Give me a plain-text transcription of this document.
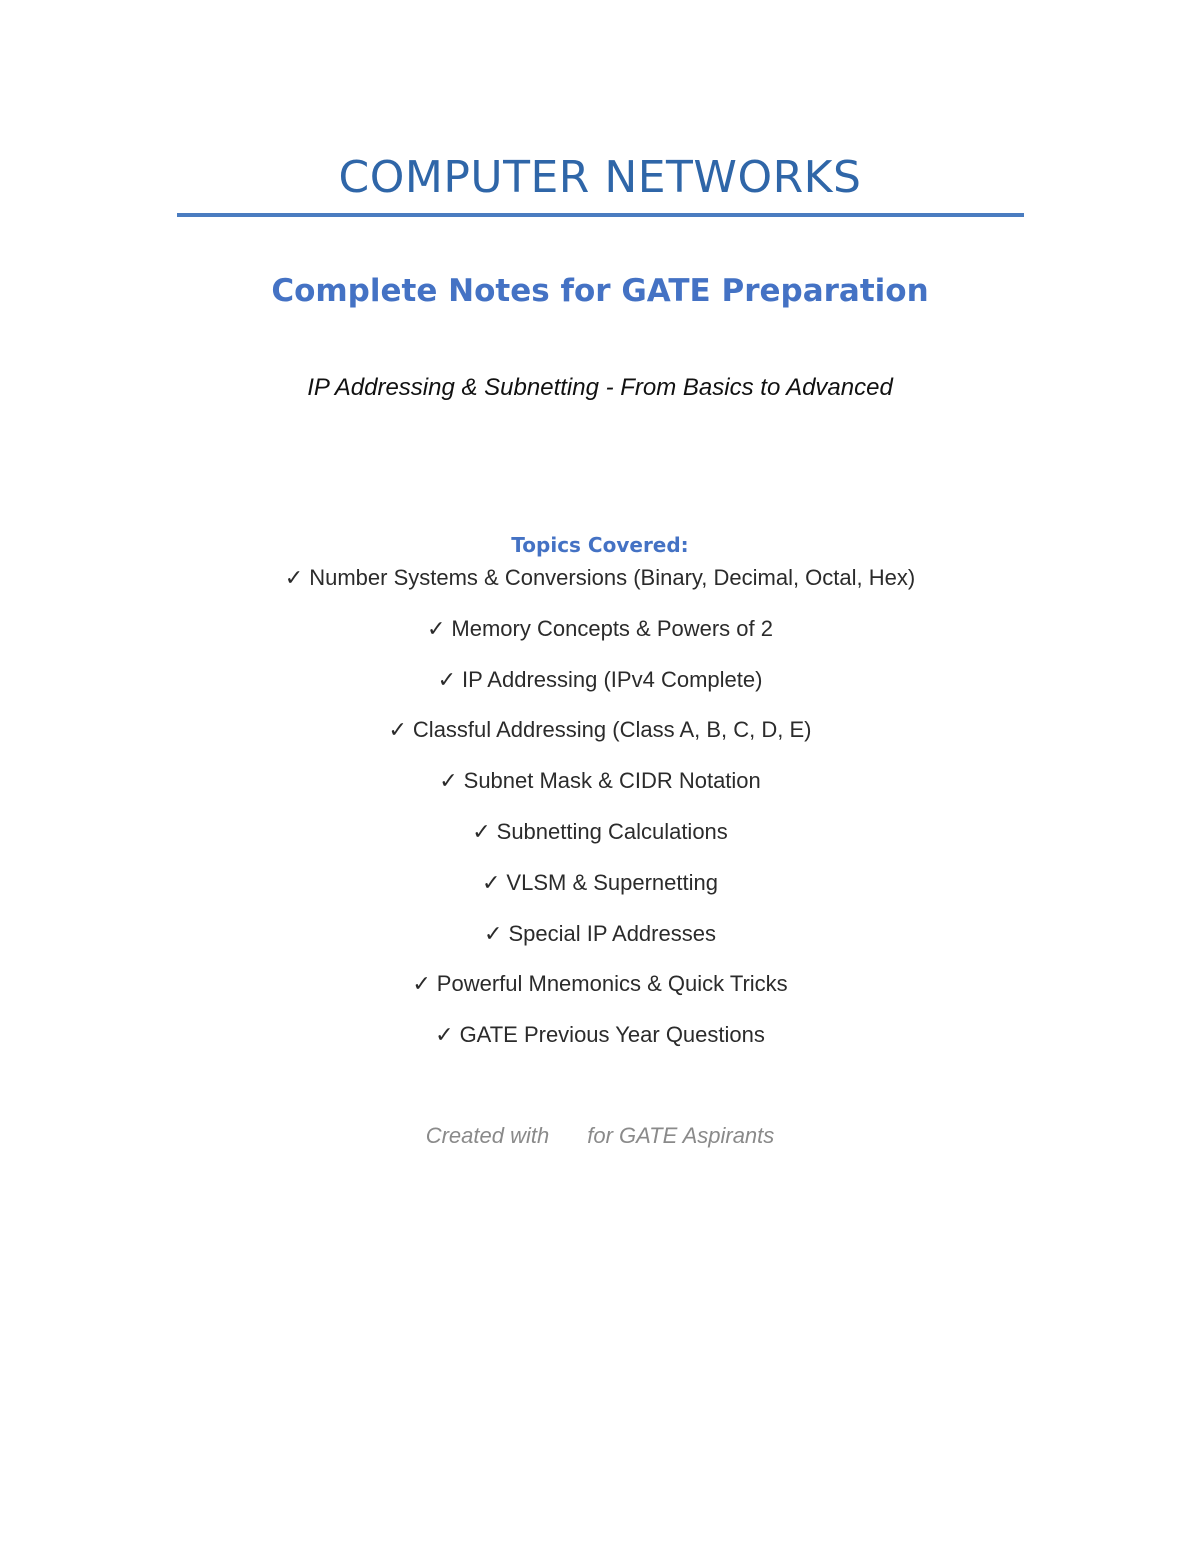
COMPUTER NETWORKS
Complete Notes for GATE Preparation
IP Addressing & Subnetting - From Basics to Advanced
Topics Covered:
✓ Number Systems & Conversions (Binary, Decimal, Octal, Hex)
✓ Memory Concepts & Powers of 2
✓ IP Addressing (IPv4 Complete)
✓ Classful Addressing (Class A, B, C, D, E)
✓ Subnet Mask & CIDR Notation
✓ Subnetting Calculations
✓ VLSM & Supernetting
✓ Special IP Addresses
✓ Powerful Mnemonics & Quick Tricks
✓ GATE Previous Year Questions
Created with for GATE Aspirants
